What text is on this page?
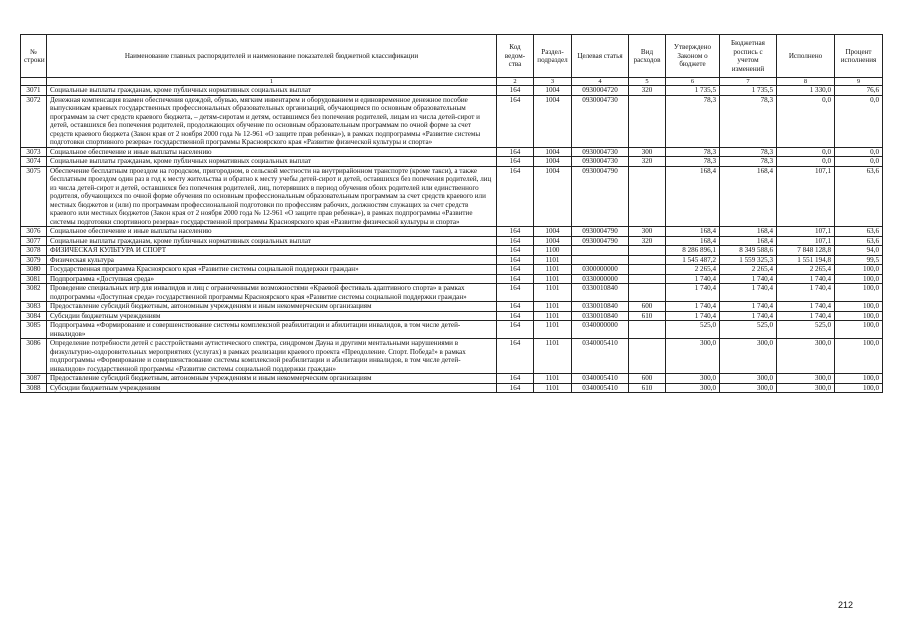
№ строки	Наименование главных распорядителей и наименование показателей бюджетной классификации	Код ведом-ства	Раздел-подраздел	Целевая статья	Вид расходов	Утверждено Законом о бюджете	Бюджетная роспись с учетом изменений	Исполнено	Процент исполнения
	1	2	3	4	5	6	7	8	9
3071	Социальные выплаты гражданам, кроме публичных нормативных социальных выплат	164	1004	0930004720	320	1 735,5	1 735,5	1 330,0	76,6
3072	Денежная компенсация взамен обеспечения одеждой, обувью, мягким инвентарем и оборудованием и единовременное денежное пособие выпускникам краевых государственных профессиональных образовательных организаций, обучающимся по основным образовательным программам за счет средств краевого бюджета, – детям-сиротам и детям, оставшимся без попечения родителей, лицам из числа детей-сирот и детей, оставшихся без попечения родителей, продолжающих обучение по основным образовательным программам по очной форме за счет средств краевого бюджета (Закон края от 2 ноября 2000 года № 12-961 «О защите прав ребенка»), в рамках подпрограммы «Развитие системы подготовки спортивного резерва» государственной программы Красноярского края «Развитие физической культуры и спорта»	164	1004	0930004730		78,3	78,3	0,0	0,0
3073	Социальное обеспечение и иные выплаты населению	164	1004	0930004730	300	78,3	78,3	0,0	0,0
3074	Социальные выплаты гражданам, кроме публичных нормативных социальных выплат	164	1004	0930004730	320	78,3	78,3	0,0	0,0
3075	Обеспечение бесплатным проездом на городском, пригородном, в сельской местности на внутрирайонном транспорте (кроме такси), а также бесплатным проездом один раз в год к месту жительства и обратно к месту учебы детей-сирот и детей, оставшихся без попечения родителей, лиц из числа детей-сирот и детей, оставшихся без попечения родителей, лиц, потерявших в период обучения обоих родителей или единственного родителя, обучающихся по очной форме обучения по основным профессиональным образовательным программам за счет средств краевого или местных бюджетов и (или) по программам профессиональной подготовки по профессиям рабочих, должностям служащих за счет средств краевого или местных бюджетов (Закон края от 2 ноября 2000 года № 12-961 «О защите прав ребенка»), в рамках подпрограммы «Развитие системы подготовки спортивного резерва» государственной программы Красноярского края «Развитие физической культуры и спорта»	164	1004	0930004790		168,4	168,4	107,1	63,6
3076	Социальное обеспечение и иные выплаты населению	164	1004	0930004790	300	168,4	168,4	107,1	63,6
3077	Социальные выплаты гражданам, кроме публичных нормативных социальных выплат	164	1004	0930004790	320	168,4	168,4	107,1	63,6
3078	ФИЗИЧЕСКАЯ КУЛЬТУРА И СПОРТ	164	1100			8 286 896,1	8 349 588,6	7 848 128,8	94,0
3079	Физическая культура	164	1101			1 545 487,2	1 559 325,3	1 551 194,8	99,5
3080	Государственная программа Красноярского края «Развитие системы социальной поддержки граждан»	164	1101	0300000000		2 265,4	2 265,4	2 265,4	100,0
3081	Подпрограмма «Доступная среда»	164	1101	0330000000		1 740,4	1 740,4	1 740,4	100,0
3082	Проведение специальных игр для инвалидов и лиц с ограниченными возможностями «Краевой фестиваль адаптивного спорта» в рамках подпрограммы «Доступная среда» государственной программы Красноярского края «Развитие системы социальной поддержки граждан»	164	1101	0330010840		1 740,4	1 740,4	1 740,4	100,0
3083	Предоставление субсидий бюджетным, автономным учреждениям и иным некоммерческим организациям	164	1101	0330010840	600	1 740,4	1 740,4	1 740,4	100,0
3084	Субсидии бюджетным учреждениям	164	1101	0330010840	610	1 740,4	1 740,4	1 740,4	100,0
3085	Подпрограмма «Формирование и совершенствование системы комплексной реабилитации и абилитации инвалидов, в том числе детей-инвалидов»	164	1101	0340000000		525,0	525,0	525,0	100,0
3086	Определение потребности детей с расстройствами аутистического спектра, синдромом Дауна и другими ментальными нарушениями в физкультурно-оздоровительных мероприятиях (услугах) в рамках реализации краевого проекта «Преодоление. Спорт. Победа!» в рамках подпрограммы «Формирование и совершенствование системы комплексной реабилитации и абилитации инвалидов, в том числе детей-инвалидов» государственной программы «Развитие системы социальной поддержки граждан»	164	1101	0340005410		300,0	300,0	300,0	100,0
3087	Предоставление субсидий бюджетным, автономным учреждениям и иным некоммерческим организациям	164	1101	0340005410	600	300,0	300,0	300,0	100,0
3088	Субсидии бюджетным учреждениям	164	1101	0340005410	610	300,0	300,0	300,0	100,0
212
